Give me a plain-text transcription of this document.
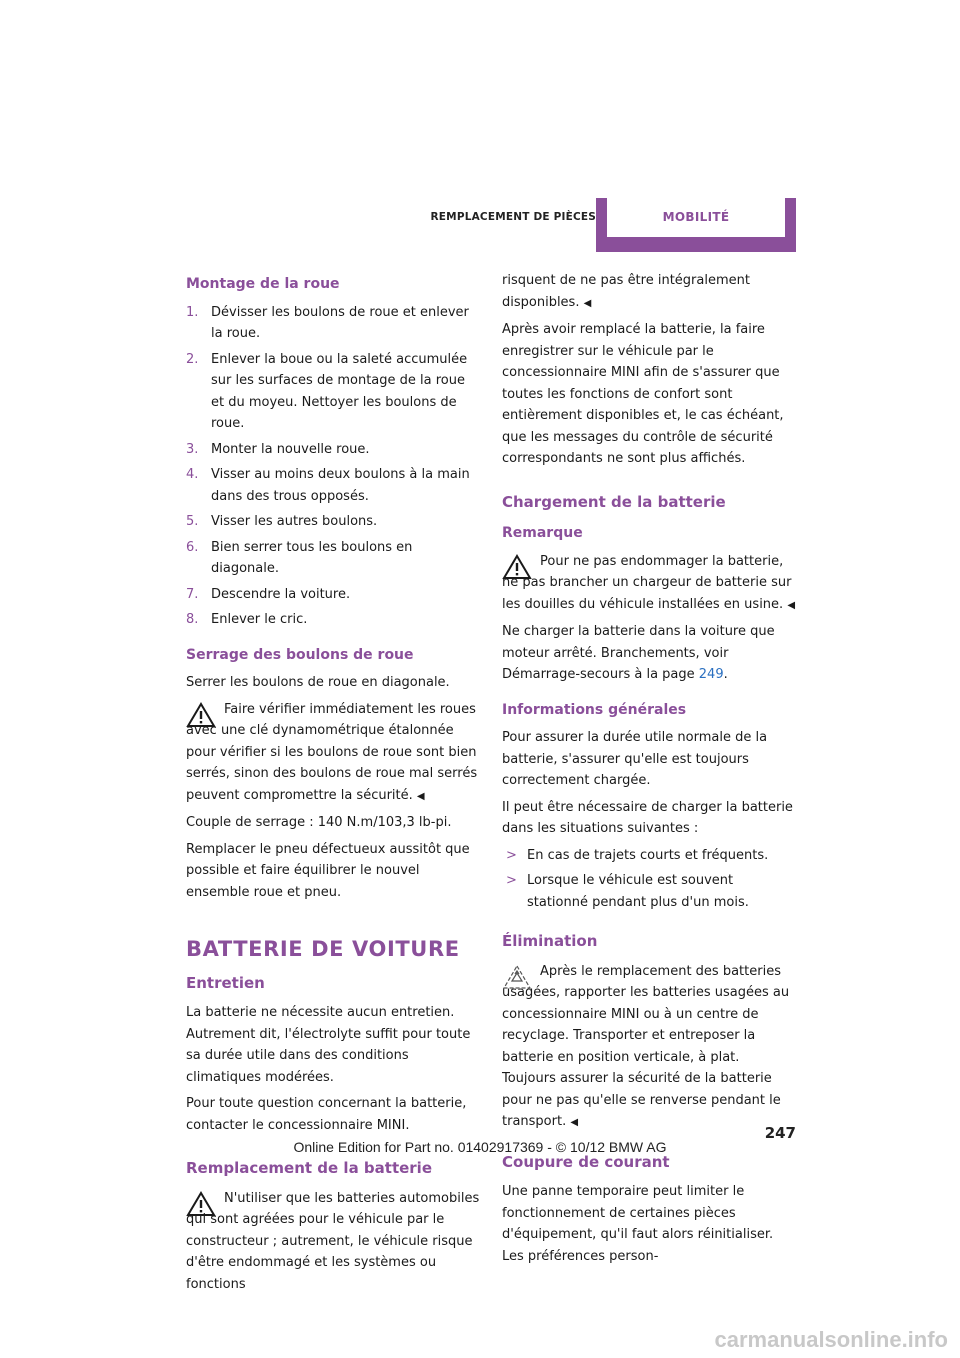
REMPLACEMENT DE PIÈCES	MOBILITÉ
Montage de la roue
1. Dévisser les boulons de roue et enlever la roue.
2. Enlever la boue ou la saleté accumulée sur les surfaces de montage de la roue et du moyeu. Nettoyer les boulons de roue.
3. Monter la nouvelle roue.
4. Visser au moins deux boulons à la main dans des trous opposés.
5. Visser les autres boulons.
6. Bien serrer tous les boulons en diagonale.
7. Descendre la voiture.
8. Enlever le cric.
Serrage des boulons de roue

Serrer les boulons de roue en diagonale.

Faire vérifier immédiatement les roues avec une clé dynamométrique étalonnée pour vérifier si les boulons de roue sont bien serrés, sinon des boulons de roue mal serrés peuvent compromettre la sécurité. ◀

Couple de serrage : 140 N.m/103,3 lb-pi.

Remplacer le pneu défectueux aussitôt que possible et faire équilibrer le nouvel ensemble roue et pneu.

BATTERIE DE VOITURE
Entretien

La batterie ne nécessite aucun entretien. Autrement dit, l'électrolyte suffit pour toute sa durée utile dans des conditions climatiques modérées.

Pour toute question concernant la batterie, contacter le concessionnaire MINI.

Remplacement de la batterie

N'utiliser que les batteries automobiles qui sont agréées pour le véhicule par le constructeur ; autrement, le véhicule risque d'être endommagé et les systèmes ou fonctions

risquent de ne pas être intégralement disponibles. ◀

Après avoir remplacé la batterie, la faire enregistrer sur le véhicule par le concessionnaire MINI afin de s'assurer que toutes les fonctions de confort sont entièrement disponibles et, le cas échéant, que les messages du contrôle de sécurité correspondants ne sont plus affichés.

Chargement de la batterie
Remarque

Pour ne pas endommager la batterie, ne pas brancher un chargeur de batterie sur les douilles du véhicule installées en usine. ◀

Ne charger la batterie dans la voiture que moteur arrêté. Branchements, voir Démarrage-secours à la page 249.

Informations générales

Pour assurer la durée utile normale de la batterie, s'assurer qu'elle est toujours correctement chargée.

Il peut être nécessaire de charger la batterie dans les situations suivantes :

> En cas de trajets courts et fréquents.
> Lorsque le véhicule est souvent stationné pendant plus d'un mois.
Élimination

Après le remplacement des batteries usagées, rapporter les batteries usagées au concessionnaire MINI ou à un centre de recyclage. Transporter et entreposer la batterie en position verticale, à plat. Toujours assurer la sécurité de la batterie pour ne pas qu'elle se renverse pendant le transport. ◀

Coupure de courant

Une panne temporaire peut limiter le fonctionnement de certaines pièces d'équipement, qu'il faut alors réinitialiser. Les préférences person-

247
Online Edition for Part no. 01402917369 - © 10/12 BMW AG
carmanualsonline.info
